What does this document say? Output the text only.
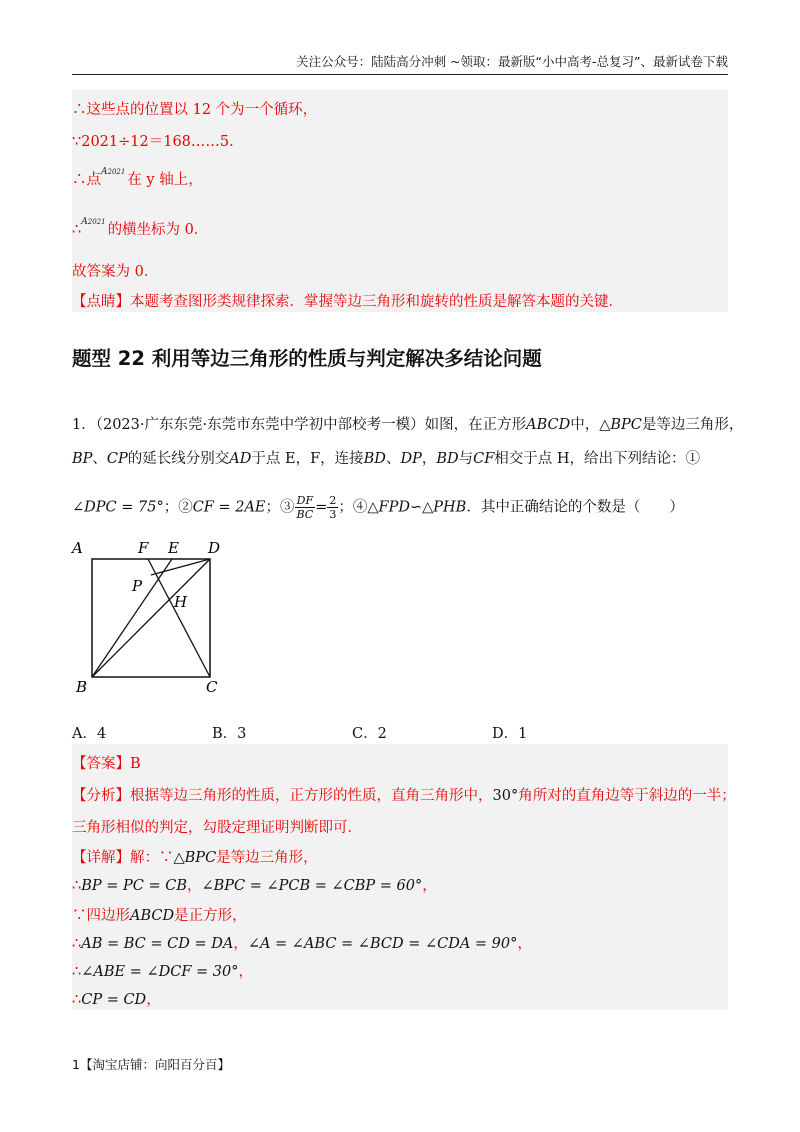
关注公众号：陆陆高分冲刺 ~领取：最新版“小中高考-总复习”、最新试卷下载
∴这些点的位置以 12 个为一个循环，
∵2021÷12＝168……5．
∴点$^{A2021}$ 在 y 轴上，
∴$^{A2021}$ 的横坐标为 0．
故答案为 0．
【点睛】本题考查图形类规律探索．掌握等边三角形和旋转的性质是解答本题的关键．
题型 22 利用等边三角形的性质与判定解决多结论问题
1．（2023·广东东莞·东莞市东莞中学初中部校考一模）如图，在正方形ABCD中，△BPC是等边三角形，
BP、CP的延长线分别交AD于点 E，F，连接BD、DP，BD与CF相交于点 H，给出下列结论：①
∠DPC = 75°；②CF = 2AE；③ $\frac{DF}{BC} = \frac{2}{3}$ ；④△FPD∽△PHB．其中正确结论的个数是（　　）
A	F E D
P
H
B	C
A．4	B．3	C．2	D．1
【答案】B
【分析】根据等边三角形的性质，正方形的性质，直角三角形中，30°角所对的直角边等于斜边的一半；
三角形相似的判定，勾股定理证明判断即可．
【详解】解：∵△BPC是等边三角形，
∴BP = PC = CB，∠BPC = ∠PCB = ∠CBP = 60°，
∵四边形ABCD是正方形，
∴AB = BC = CD = DA，∠A = ∠ABC = ∠BCD = ∠CDA = 90°，
∴∠ABE = ∠DCF = 30°，
∴CP = CD，
1【淘宝店铺：向阳百分百】
